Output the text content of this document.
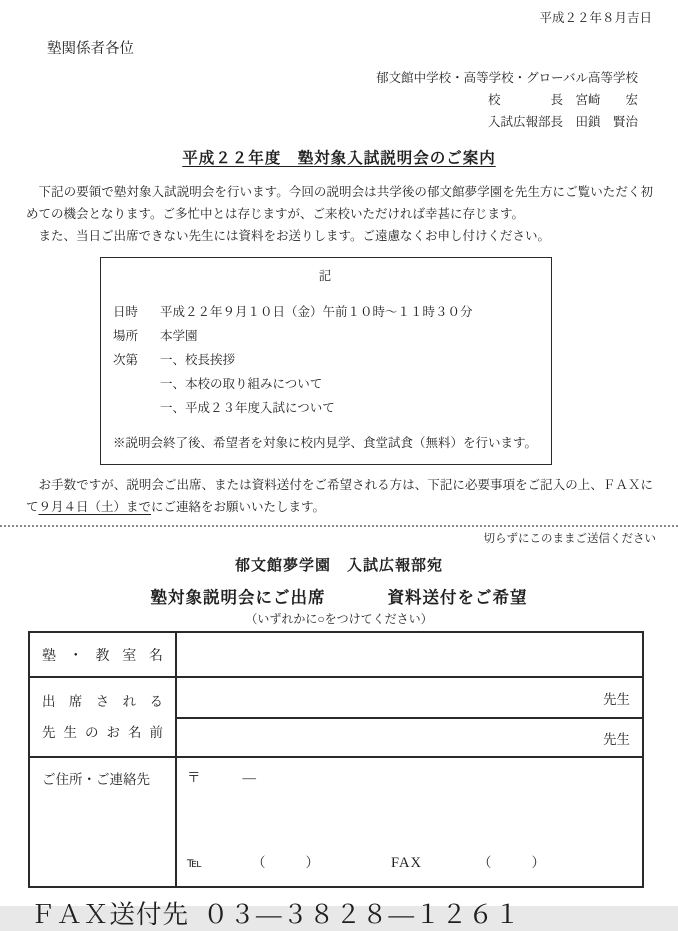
平成２２年８月吉日
塾関係者各位
郁文館中学校・高等学校・グローバル高等学校
校　　　　長　宮崎　　宏
入試広報部長　田鎖　賢治
平成２２年度　塾対象入試説明会のご案内

　下記の要領で塾対象入試説明会を行います。今回の説明会は共学後の郁文館夢学園を先生方にご覧いただく初めての機会となります。ご多忙中とは存じますが、ご来校いただければ幸甚に存じます。

　また、当日ご出席できない先生には資料をお送りします。ご遠慮なくお申し付けください。

記
日時	平成２２年９月１０日（金）午前１０時～１１時３０分
場所	本学園
次第	一、校長挨拶
一、本校の取り組みについて
一、平成２３年度入試について
※説明会終了後、希望者を対象に校内見学、食堂試食（無料）を行います。
　お手数ですが、説明会ご出席、または資料送付をご希望される方は、下記に必要事項をご記入の上、ＦＡＸにて９月４日（土）までにご連絡をお願いいたします。
切らずにこのままご送信ください
郁文館夢学園　入試広報部宛
塾対象説明会にご出席	資料送付をご希望
（いずれかに○をつけてください）
塾 ・ 教 室 名	

出 席 さ れ る
先 生 の お 名 前	先生
	先生
ご住所・ご連絡先	〒 ―
℡ （ ） FAX （ ）
ＦＡＸ送付先 ０３―３８２８―１２６１
